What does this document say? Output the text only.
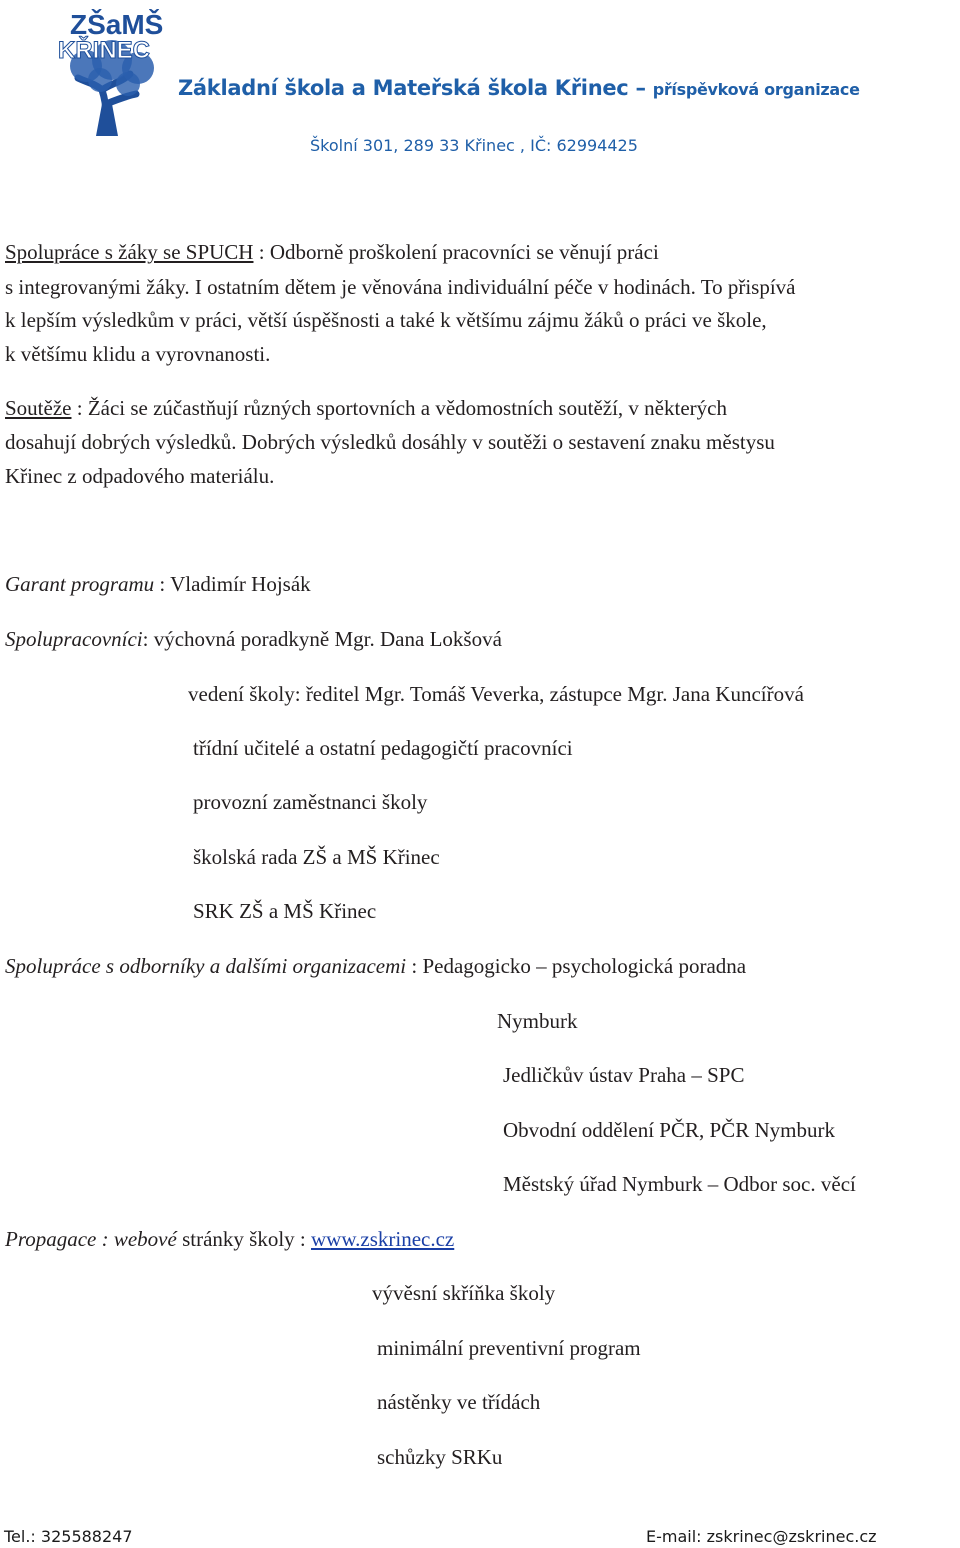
ZŠaMŠ
KŘINEC
Základní škola a Mateřská škola Křinec – příspěvková organizace
Školní 301, 289 33 Křinec , IČ: 62994425
Spolupráce s žáky se SPUCH : Odborně proškolení pracovníci se věnují práci
s integrovanými žáky. I ostatním dětem je věnována individuální péče v hodinách. To přispívá
k lepším výsledkům v práci, větší úspěšnosti a také k většímu zájmu žáků o práci ve škole,
k většímu klidu a vyrovnanosti.
Soutěže : Žáci se zúčastňují různých sportovních a vědomostních soutěží, v některých
dosahují dobrých výsledků. Dobrých výsledků dosáhly v soutěži o sestavení znaku městysu
Křinec z odpadového materiálu.
Garant programu : Vladimír Hojsák
Spolupracovníci: výchovná poradkyně Mgr. Dana Lokšová
vedení školy: ředitel Mgr. Tomáš Veverka, zástupce Mgr. Jana Kuncířová
třídní učitelé a ostatní pedagogičtí pracovníci
provozní zaměstnanci školy
školská rada ZŠ a MŠ Křinec
SRK ZŠ a MŠ Křinec
Spolupráce s odborníky a dalšími organizacemi : Pedagogicko – psychologická poradna
Nymburk
Jedličkův ústav Praha – SPC
Obvodní oddělení PČR, PČR Nymburk
Městský úřad Nymburk – Odbor soc. věcí
Propagace : webové stránky školy : www.zskrinec.cz
vývěsní skříňka školy
minimální preventivní program
nástěnky ve třídách
schůzky SRKu
Tel.: 325588247	E-mail: zskrinec@zskrinec.cz
